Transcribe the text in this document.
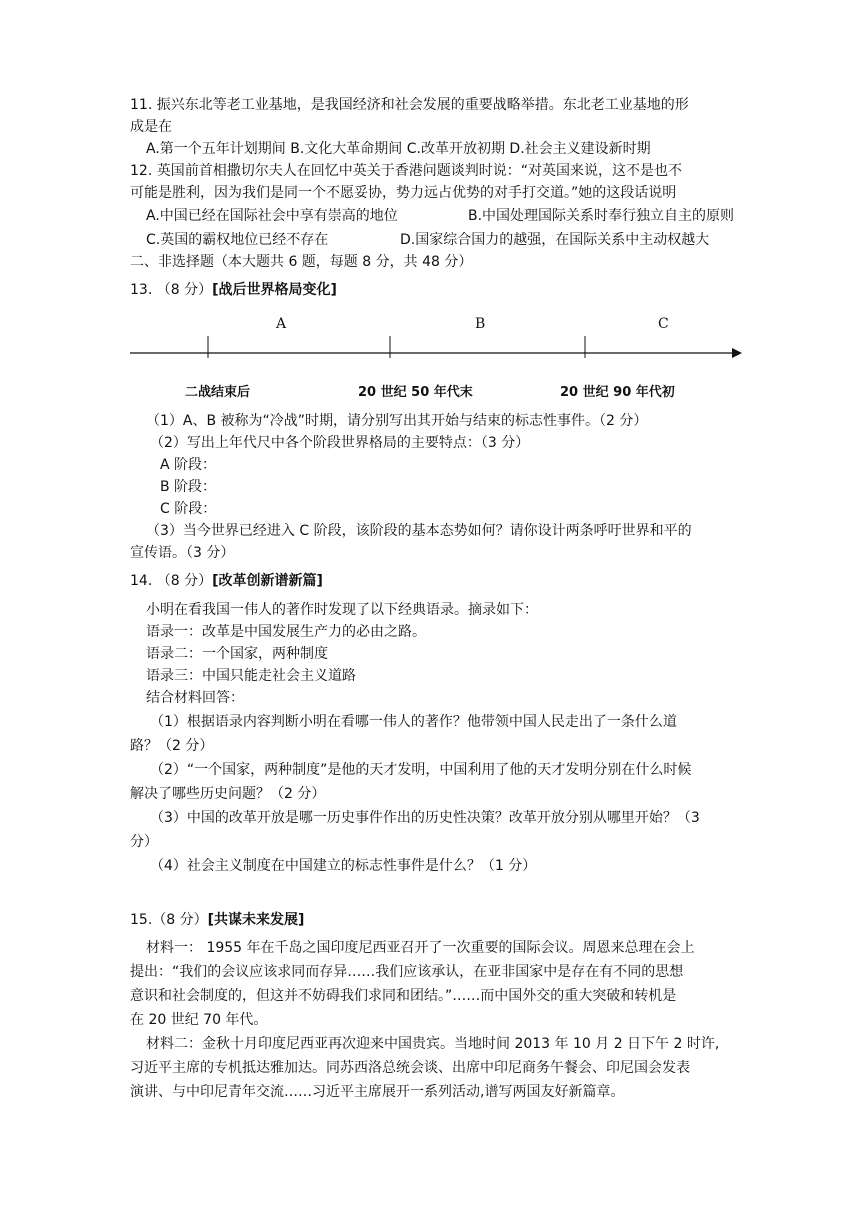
11. 振兴东北等老工业基地，是我国经济和社会发展的重要战略举措。东北老工业基地的形
成是在
A.第一个五年计划期间 B.文化大革命期间 C.改革开放初期 D.社会主义建设新时期
12. 英国前首相撒切尔夫人在回忆中英关于香港问题谈判时说：“对英国来说，这不是也不
可能是胜利，因为我们是同一个不愿妥协，势力远占优势的对手打交道。”她的这段话说明
A.中国已经在国际社会中享有崇高的地位	B.中国处理国际关系时奉行独立自主的原则
C.英国的霸权地位已经不存在	D.国家综合国力的越强，在国际关系中主动权越大
二、非选择题（本大题共 6 题，每题 8 分，共 48 分）
13. （8 分）[战后世界格局变化]
A	B	C
二战结束后	20 世纪 50 年代末	20 世纪 90 年代初
（1）A、B 被称为“冷战”时期，请分别写出其开始与结束的标志性事件。（2 分）
（2）写出上年代尺中各个阶段世界格局的主要特点：（3 分）
A 阶段：
B 阶段：
C 阶段：
（3）当今世界已经进入 C 阶段，该阶段的基本态势如何？请你设计两条呼吁世界和平的
宣传语。（3 分）
14. （8 分）[改革创新谱新篇]
小明在看我国一伟人的著作时发现了以下经典语录。摘录如下：
语录一：改革是中国发展生产力的必由之路。
语录二：一个国家，两种制度
语录三：中国只能走社会主义道路
结合材料回答：
（1）根据语录内容判断小明在看哪一伟人的著作？他带领中国人民走出了一条什么道
路？（2 分）
（2）“一个国家，两种制度”是他的天才发明，中国利用了他的天才发明分别在什么时候
解决了哪些历史问题？（2 分）
（3）中国的改革开放是哪一历史事件作出的历史性决策？改革开放分别从哪里开始？（3
分）
（4）社会主义制度在中国建立的标志性事件是什么？（1 分）
15.（8 分）[共谋未来发展]
材料一： 1955 年在千岛之国印度尼西亚召开了一次重要的国际会议。周恩来总理在会上
提出：“我们的会议应该求同而存异……我们应该承认，在亚非国家中是存在有不同的思想
意识和社会制度的，但这并不妨碍我们求同和团结。”……而中国外交的重大突破和转机是
在 20 世纪 70 年代。
材料二：金秋十月印度尼西亚再次迎来中国贵宾。当地时间 2013 年 10 月 2 日下午 2 时许,
习近平主席的专机抵达雅加达。同苏西洛总统会谈、出席中印尼商务午餐会、印尼国会发表
演讲、与中印尼青年交流……习近平主席展开一系列活动,谱写两国友好新篇章。
